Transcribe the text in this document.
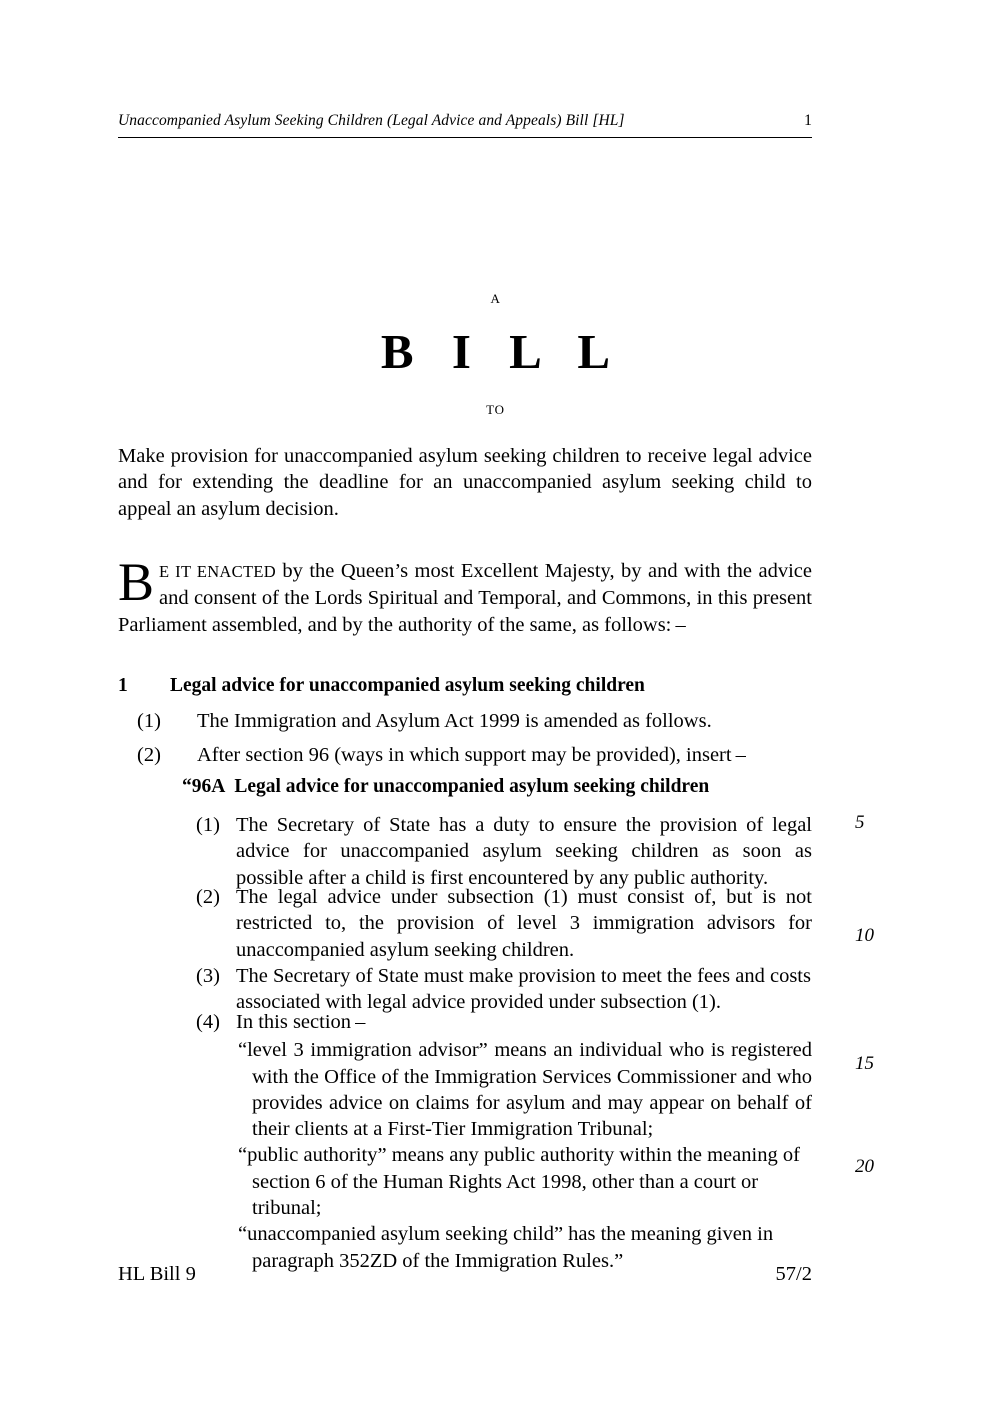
Unaccompanied Asylum Seeking Children (Legal Advice and Appeals) Bill [HL]	1
A
B I L L
TO
Make provision for unaccompanied asylum seeking children to receive legal advice and for extending the deadline for an unaccompanied asylum seeking child to appeal an asylum decision.
B E IT ENACTED by the Queen’s most Excellent Majesty, by and with the advice and consent of the Lords Spiritual and Temporal, and Commons, in this present Parliament assembled, and by the authority of the same, as follows: –
1 Legal advice for unaccompanied asylum seeking children
(1)	The Immigration and Asylum Act 1999 is amended as follows.
(2)	After section 96 (ways in which support may be provided), insert –
“96A Legal advice for unaccompanied asylum seeking children
(1) The Secretary of State has a duty to ensure the provision of legal advice for unaccompanied asylum seeking children as soon as possible after a child is first encountered by any public authority.
(2) The legal advice under subsection (1) must consist of, but is not restricted to, the provision of level 3 immigration advisors for unaccompanied asylum seeking children.
(3) The Secretary of State must make provision to meet the fees and costs associated with legal advice provided under subsection (1).
(4) In this section –
“level 3 immigration advisor” means an individual who is registered with the Office of the Immigration Services Commissioner and who provides advice on claims for asylum and may appear on behalf of their clients at a First-Tier Immigration Tribunal;
“public authority” means any public authority within the meaning of section 6 of the Human Rights Act 1998, other than a court or tribunal;
“unaccompanied asylum seeking child” has the meaning given in paragraph 352ZD of the Immigration Rules.”
5
10
15
20
HL Bill 9	57/2
